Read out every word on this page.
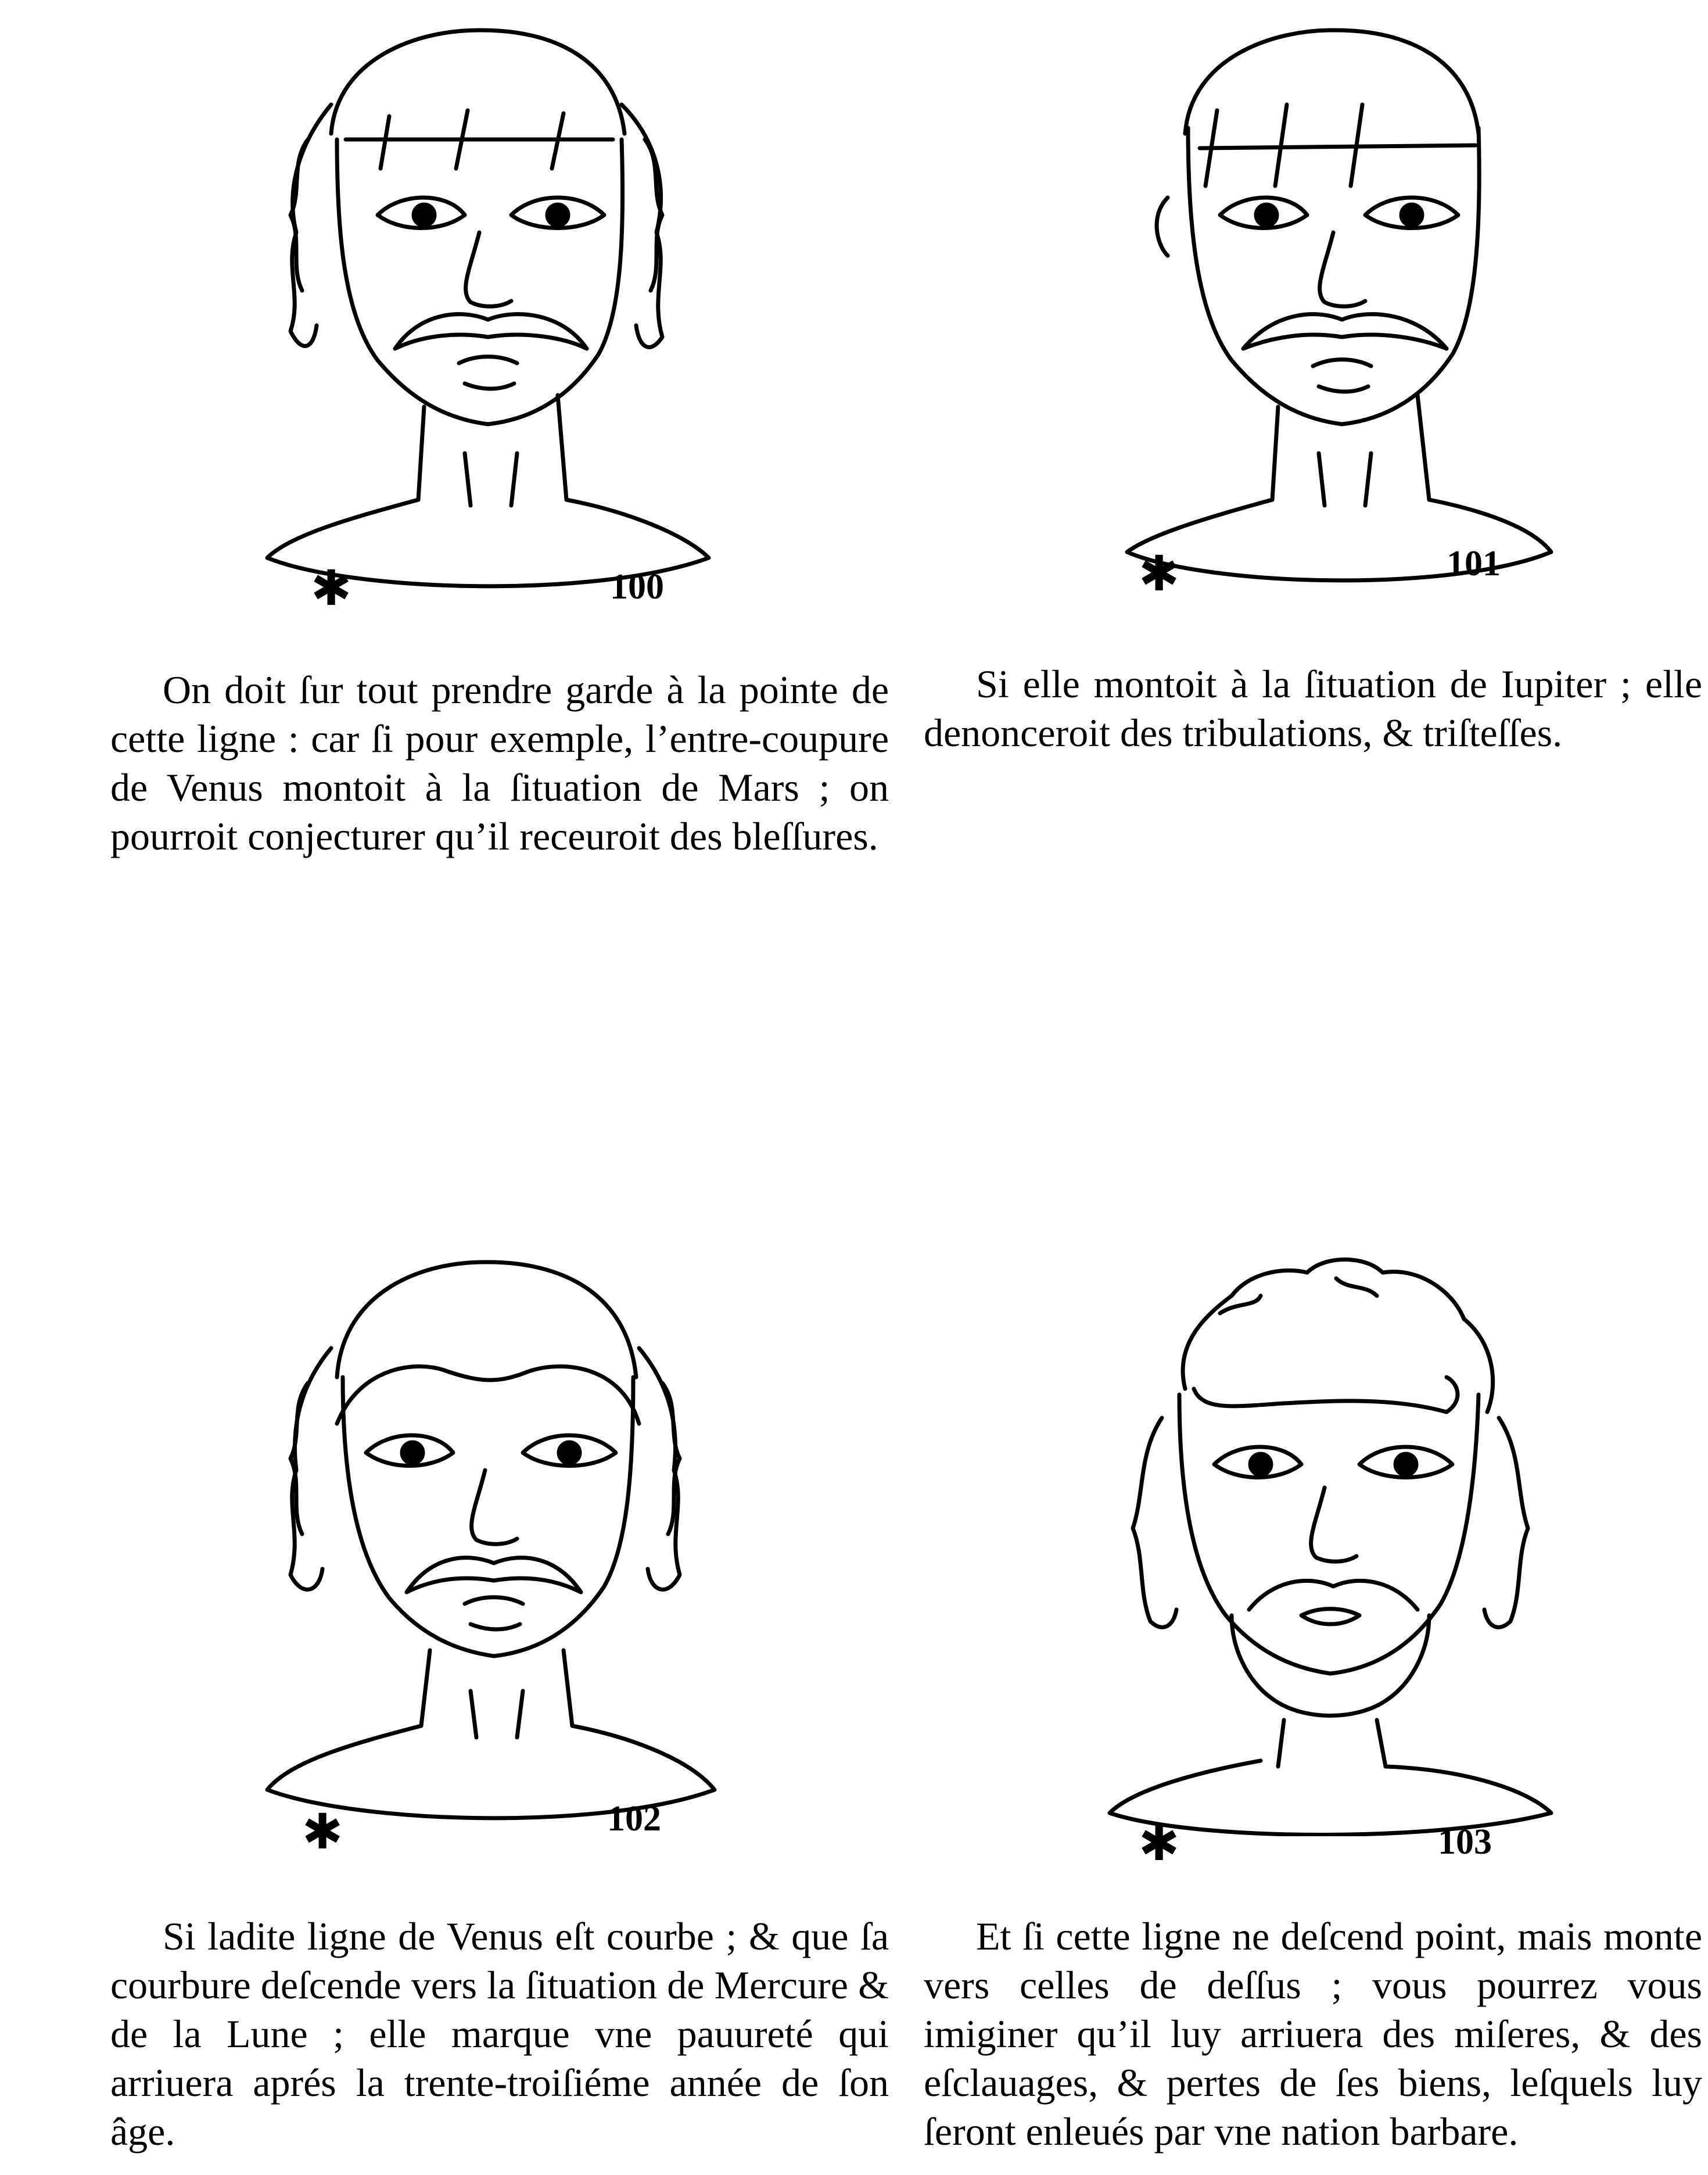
✱	100	✱	101

On doit ſur tout prendre garde à la pointe de cette ligne : car ſi pour exemple, l’entre-coupure de Venus montoit à la ſituation de Mars ; on pourroit conjecturer qu’il receuroit des bleſſures.

Si elle montoit à la ſituation de Iupiter ; elle denonceroit des tribulations, & triſteſſes.

✱	102	✱	103

Si ladite ligne de Venus eſt courbe ; & que ſa courbure deſcende vers la ſituation de Mercure & de la Lune ; elle marque vne pauureté qui arriuera aprés la trente-troiſiéme année de ſon âge.

Et ſi cette ligne ne deſcend point, mais monte vers celles de deſſus ; vous pourrez vous imiginer qu’il luy arriuera des miſeres, & des eſclauages, & pertes de ſes biens, leſquels luy ſeront enleués par vne nation barbare.
